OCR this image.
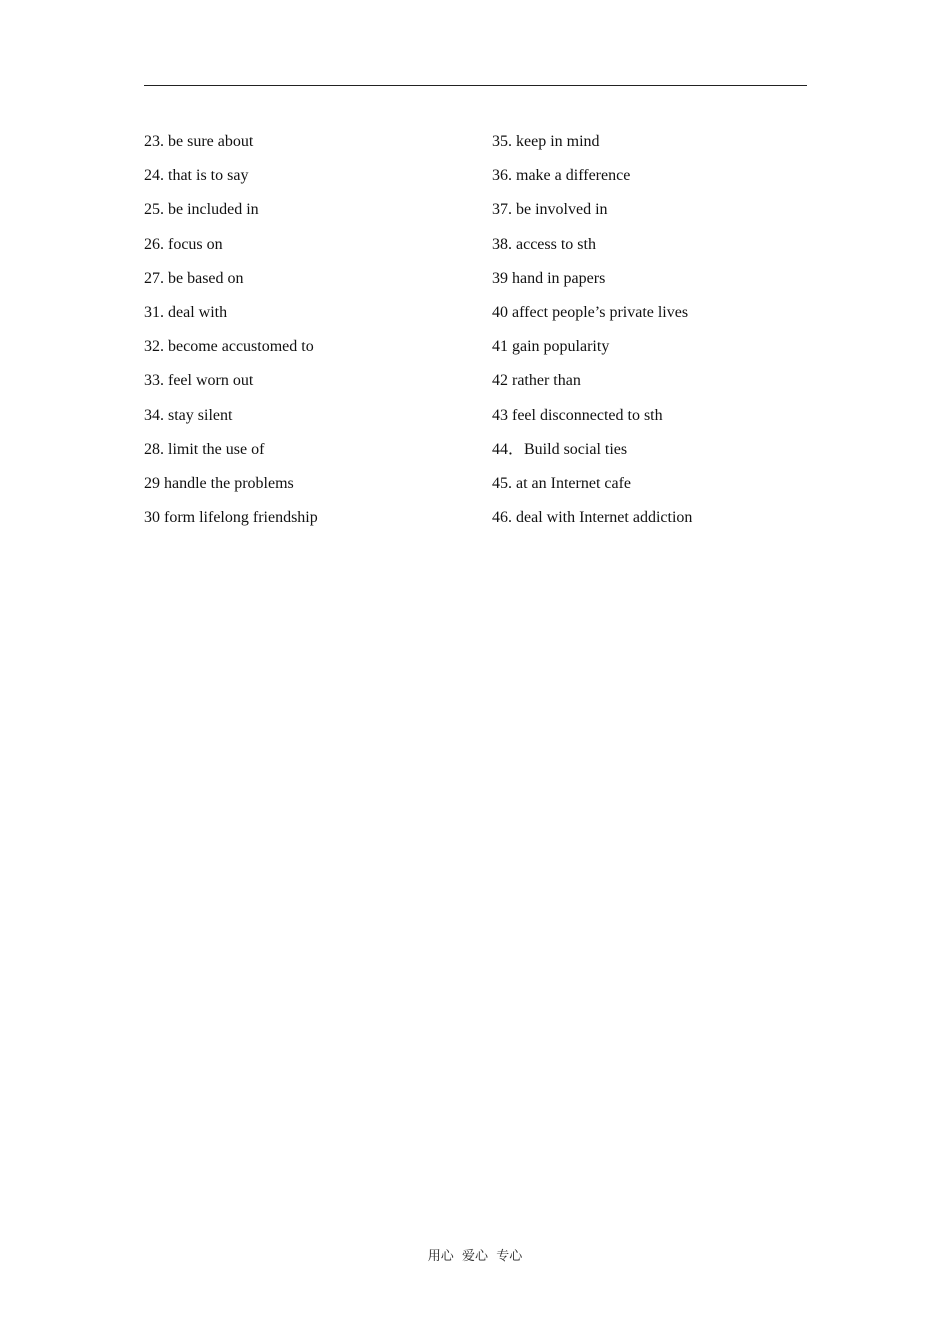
23. be sure about	35. keep in mind
24. that is to say	36. make a difference
25. be included in	37. be involved in
26. focus on	38. access to sth
27. be based on	39 hand in papers
31. deal with	40 affect people’s private lives
32. become accustomed to	41 gain popularity
33. feel worn out	42 rather than
34. stay silent	43 feel disconnected to sth
28. limit the use of	44．Build social ties
29 handle the problems	45. at an Internet cafe
30 form lifelong friendship	46. deal with Internet addiction
用心  爱心  专心
